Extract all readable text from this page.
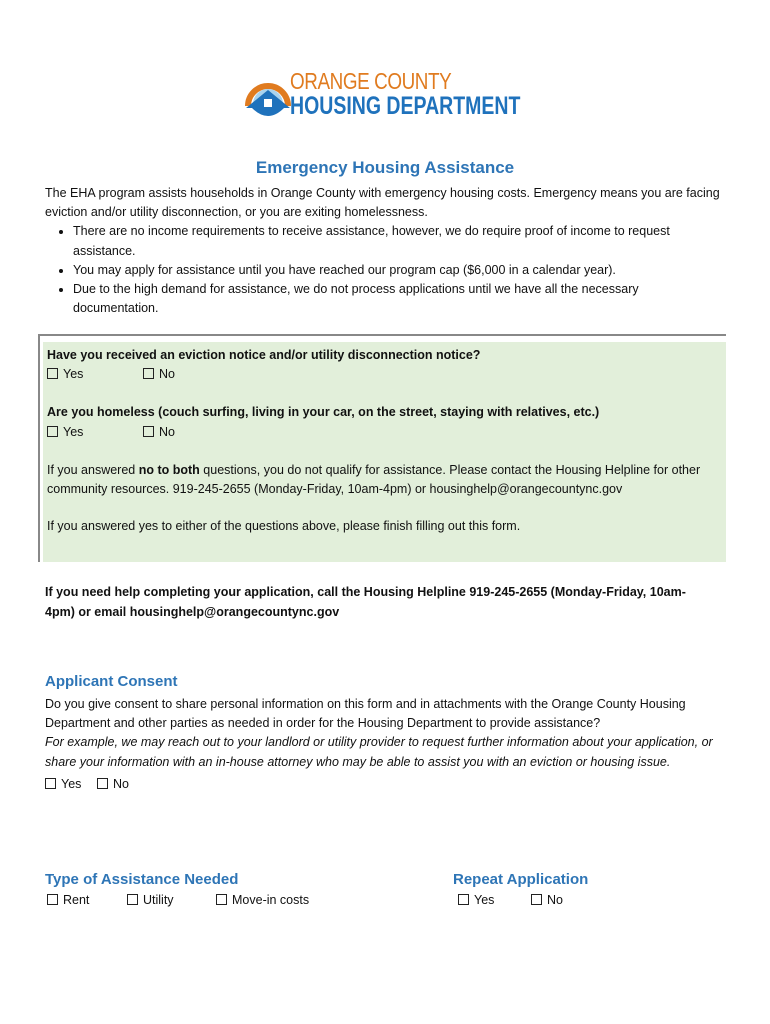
ORANGE COUNTY
HOUSING DEPARTMENT
Emergency Housing Assistance
The EHA program assists households in Orange County with emergency housing costs. Emergency means you are facing eviction and/or utility disconnection, or you are exiting homelessness.
• There are no income requirements to receive assistance, however, we do require proof of income to request assistance.
• You may apply for assistance until you have reached our program cap ($6,000 in a calendar year).
• Due to the high demand for assistance, we do not process applications until we have all the necessary documentation.
Have you received an eviction notice and/or utility disconnection notice?
Yes	No
Are you homeless (couch surfing, living in your car, on the street, staying with relatives, etc.)
Yes	No
If you answered no to both questions, you do not qualify for assistance. Please contact the Housing Helpline for other community resources. 919-245-2655 (Monday-Friday, 10am-4pm) or housinghelp@orangecountync.gov
If you answered yes to either of the questions above, please finish filling out this form.
If you need help completing your application, call the Housing Helpline 919-245-2655 (Monday-Friday, 10am-4pm) or email housinghelp@orangecountync.gov
Applicant Consent
Do you give consent to share personal information on this form and in attachments with the Orange County Housing Department and other parties as needed in order for the Housing Department to provide assistance?
For example, we may reach out to your landlord or utility provider to request further information about your application, or share your information with an in-house attorney who may be able to assist you with an eviction or housing issue.
Yes	No
Type of Assistance Needed
Rent	Utility	Move-in costs
Repeat Application
Yes	No
